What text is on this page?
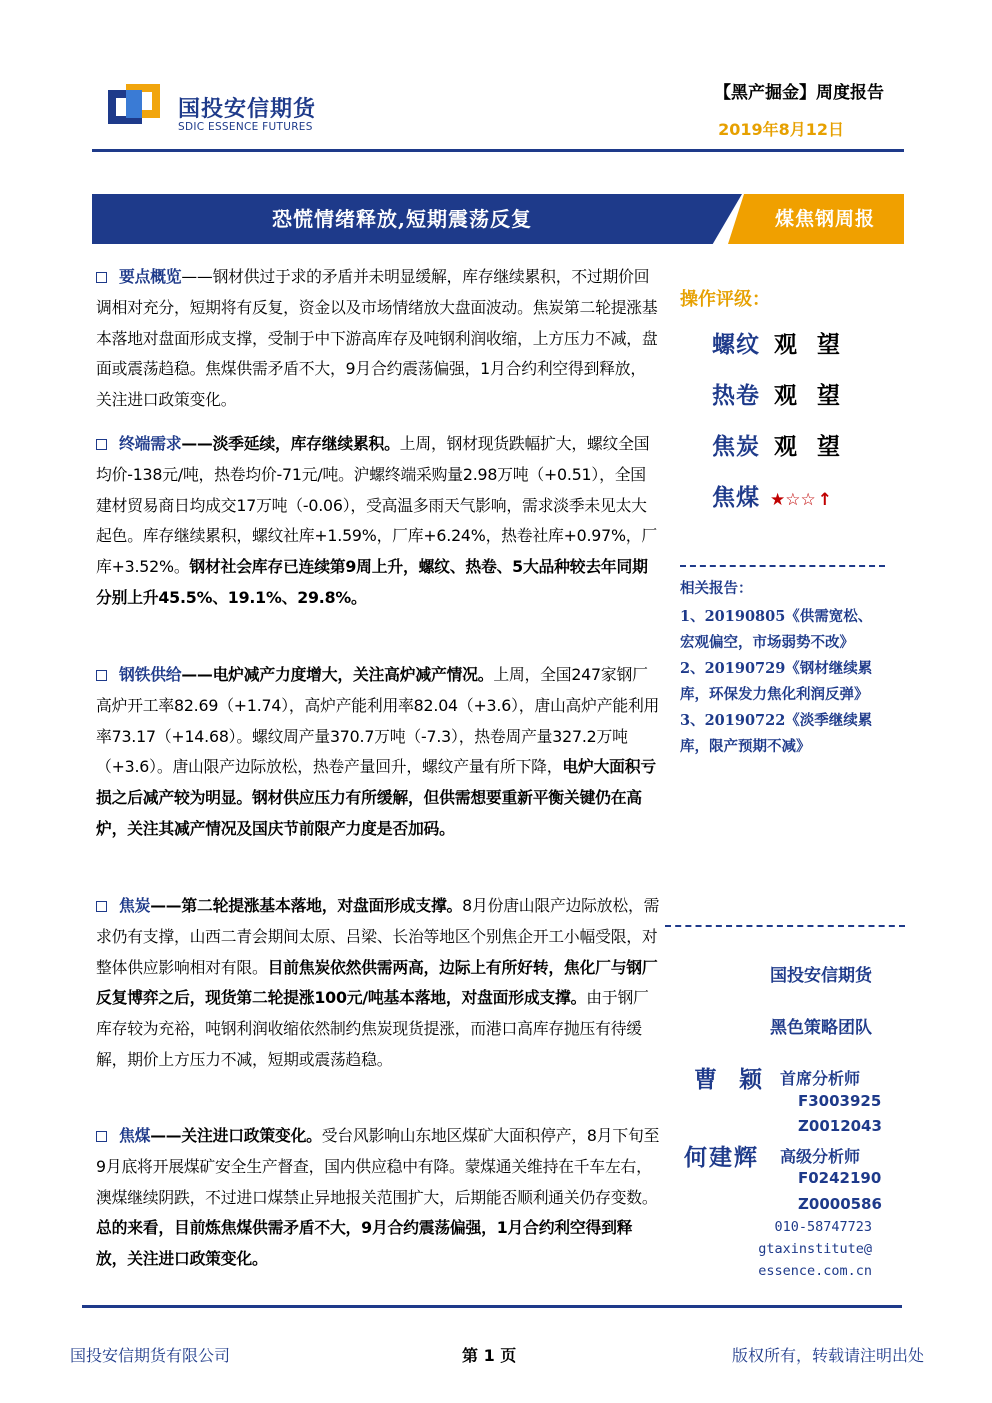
国投安信期货
SDIC ESSENCE FUTURES
【黑产掘金】周度报告
2019年8月12日
恐慌情绪释放,短期震荡反复	煤焦钢周报
要点概览——钢材供过于求的矛盾并未明显缓解，库存继续累积，不过期价回调相对充分，短期将有反复，资金以及市场情绪放大盘面波动。焦炭第二轮提涨基本落地对盘面形成支撑，受制于中下游高库存及吨钢利润收缩，上方压力不减，盘面或震荡趋稳。焦煤供需矛盾不大，9月合约震荡偏强，1月合约利空得到释放，关注进口政策变化。
终端需求——淡季延续，库存继续累积。上周，钢材现货跌幅扩大，螺纹全国均价-138元/吨，热卷均价-71元/吨。沪螺终端采购量2.98万吨（+0.51），全国建材贸易商日均成交17万吨（-0.06），受高温多雨天气影响，需求淡季未见太大起色。库存继续累积，螺纹社库+1.59%，厂库+6.24%，热卷社库+0.97%，厂库+3.52%。钢材社会库存已连续第9周上升，螺纹、热卷、5大品种较去年同期分别上升45.5%、19.1%、29.8%。
钢铁供给——电炉减产力度增大，关注高炉减产情况。上周，全国247家钢厂高炉开工率82.69（+1.74），高炉产能利用率82.04（+3.6），唐山高炉产能利用率73.17（+14.68）。螺纹周产量370.7万吨（-7.3），热卷周产量327.2万吨（+3.6）。唐山限产边际放松，热卷产量回升，螺纹产量有所下降，电炉大面积亏损之后减产较为明显。钢材供应压力有所缓解，但供需想要重新平衡关键仍在高炉，关注其减产情况及国庆节前限产力度是否加码。
焦炭——第二轮提涨基本落地，对盘面形成支撑。8月份唐山限产边际放松，需求仍有支撑，山西二青会期间太原、吕梁、长治等地区个别焦企开工小幅受限，对整体供应影响相对有限。目前焦炭依然供需两高，边际上有所好转，焦化厂与钢厂反复博弈之后，现货第二轮提涨100元/吨基本落地，对盘面形成支撑。由于钢厂库存较为充裕，吨钢利润收缩依然制约焦炭现货提涨，而港口高库存抛压有待缓解，期价上方压力不减，短期或震荡趋稳。
焦煤——关注进口政策变化。受台风影响山东地区煤矿大面积停产，8月下旬至9月底将开展煤矿安全生产督查，国内供应稳中有降。蒙煤通关维持在千车左右，澳煤继续阴跌，不过进口煤禁止异地报关范围扩大，后期能否顺利通关仍存变数。总的来看，目前炼焦煤供需矛盾不大，9月合约震荡偏强，1月合约利空得到释放，关注进口政策变化。
操作评级：
螺纹 观望
热卷 观望
焦炭 观望
焦煤 ★☆☆ ↑
相关报告：
1、20190805《供需宽松、宏观偏空，市场弱势不改》
2、20190729《钢材继续累库，环保发力焦化利润反弹》
3、20190722《淡季继续累库，限产预期不减》
国投安信期货
黑色策略团队
曹颖
首席分析师
F3003925
Z0012043
何建辉 高级分析师
F0242190
Z0000586
010-58747723
gtaxinstitute@
essence.com.cn
国投安信期货有限公司	第 1 页	版权所有，转载请注明出处
